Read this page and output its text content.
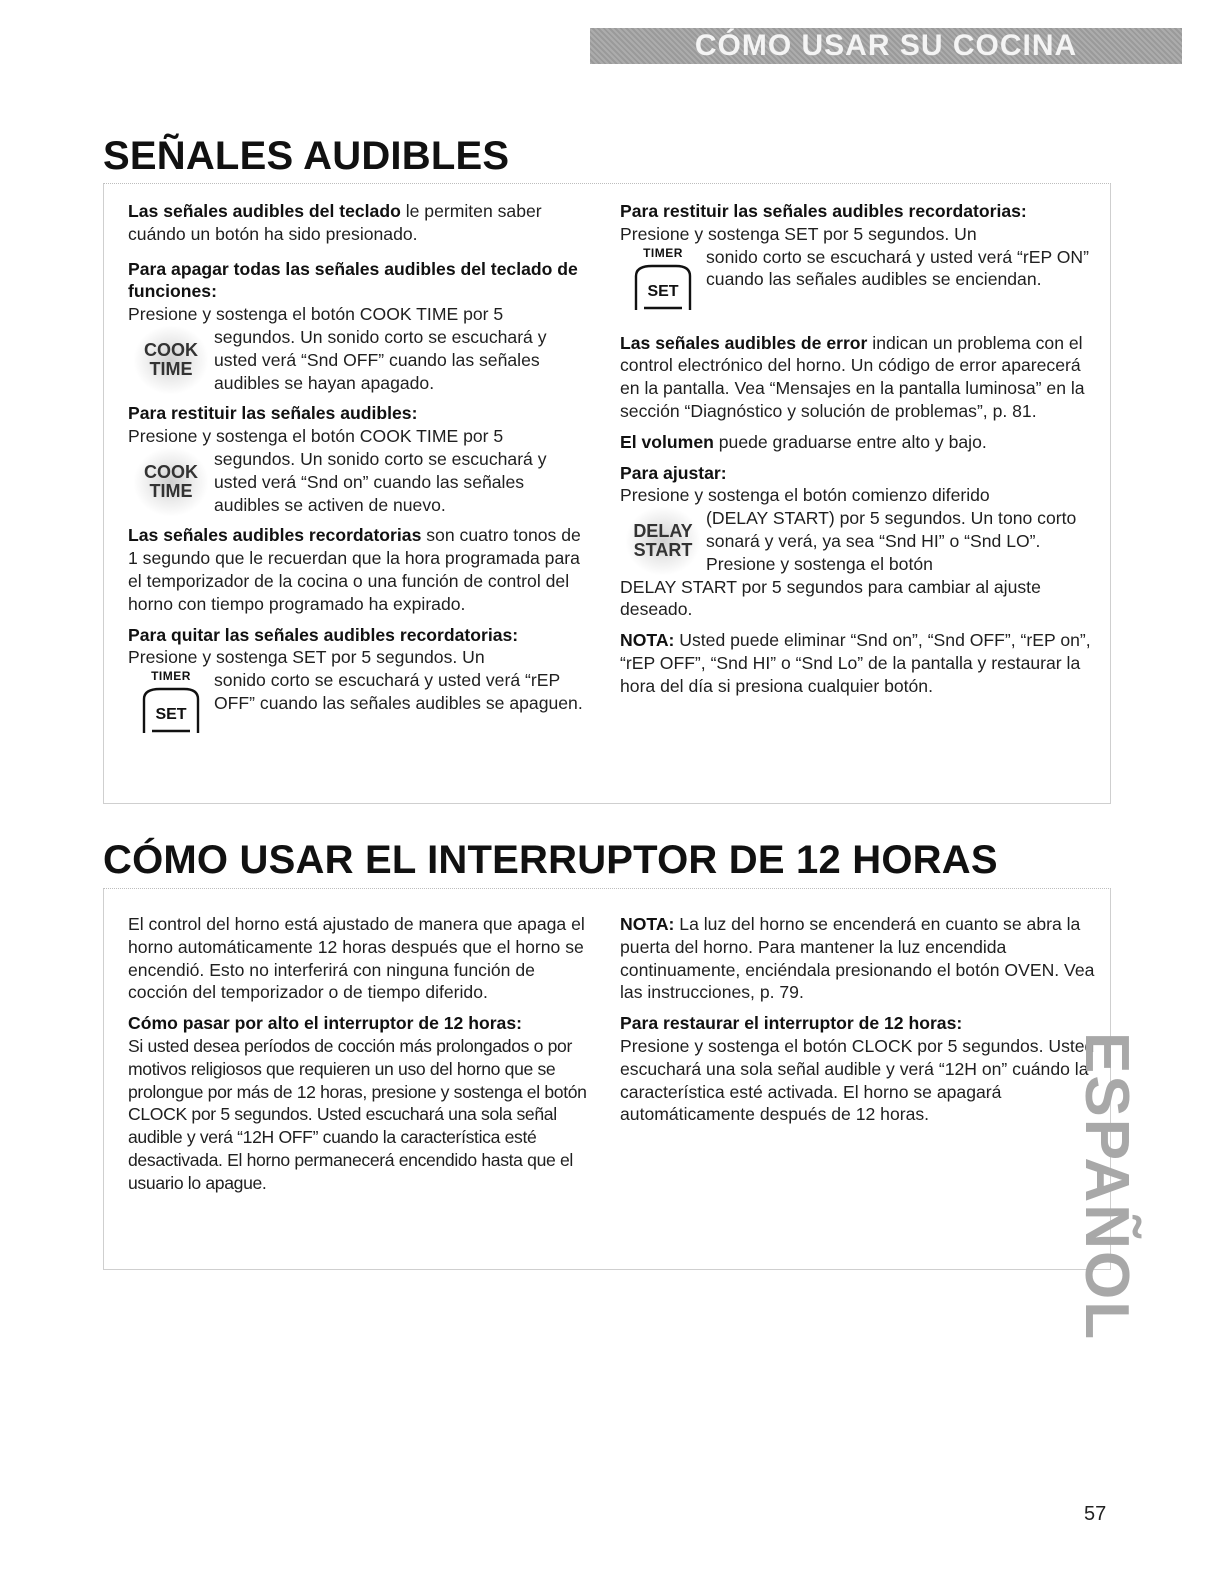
CÓMO USAR SU COCINA
SEÑALES AUDIBLES

Las señales audibles del teclado le permiten saber cuándo un botón ha sido presionado.

Para apagar todas las señales audibles del teclado de funciones:

Presione y sostenga el botón COOK TIME por 5

COOK
TIME

segundos. Un sonido corto se escuchará y usted verá “Snd OFF” cuando las señales audibles se hayan apagado.

Para restituir las señales audibles:

Presione y sostenga el botón COOK TIME por 5

COOK
TIME

segundos. Un sonido corto se escuchará y usted verá “Snd on” cuando las señales audibles se activen de nuevo.

Las señales audibles recordatorias son cuatro tonos de 1 segundo que le recuerdan que la hora programada para el temporizador de la cocina o una función de control del horno con tiempo programado ha expirado.

Para quitar las señales audibles recordatorias:

Presione y sostenga SET por 5 segundos. Un

TIMER
SET

sonido corto se escuchará y usted verá “rEP OFF” cuando las señales audibles se apaguen.

Para restituir las señales audibles recordatorias:

Presione y sostenga SET por 5 segundos. Un

TIMER
SET

sonido corto se escuchará y usted verá “rEP ON” cuando las señales audibles se enciendan.

Las señales audibles de error indican un problema con el control electrónico del horno. Un código de error aparecerá en la pantalla. Vea “Mensajes en la pantalla luminosa” en la sección “Diagnóstico y solución de problemas”, p. 81.

El volumen puede graduarse entre alto y bajo.

Para ajustar:

Presione y sostenga el botón comienzo diferido

DELAY
START

(DELAY START) por 5 segundos. Un tono corto sonará y verá, ya sea “Snd HI” o “Snd LO”. Presione y sostenga el botón

DELAY START por 5 segundos para cambiar al ajuste deseado.

NOTA: Usted puede eliminar “Snd on”, “Snd OFF”, “rEP on”, “rEP OFF”, “Snd HI” o “Snd Lo” de la pantalla y restaurar la hora del día si presiona cualquier botón.

CÓMO USAR EL INTERRUPTOR DE 12 HORAS

El control del horno está ajustado de manera que apaga el horno automáticamente 12 horas después que el horno se encendió. Esto no interferirá con ninguna función de cocción del temporizador o de tiempo diferido.

Cómo pasar por alto el interruptor de 12 horas:

Si usted desea períodos de cocción más prolongados o por motivos religiosos que requieren un uso del horno que se prolongue por más de 12 horas, presione y sostenga el botón CLOCK por 5 segundos. Usted escuchará una sola señal audible y verá “12H OFF” cuando la característica esté desactivada. El horno permanecerá encendido hasta que el usuario lo apague.

NOTA: La luz del horno se encenderá en cuanto se abra la puerta del horno. Para mantener la luz encendida continuamente, enciéndala presionando el botón OVEN. Vea las instrucciones, p. 79.

Para restaurar el interruptor de 12 horas:

Presione y sostenga el botón CLOCK por 5 segundos. Usted escuchará una sola señal audible y verá “12H on” cuándo la característica esté activada. El horno se apagará automáticamente después de 12 horas.	ESPAÑOL
57
